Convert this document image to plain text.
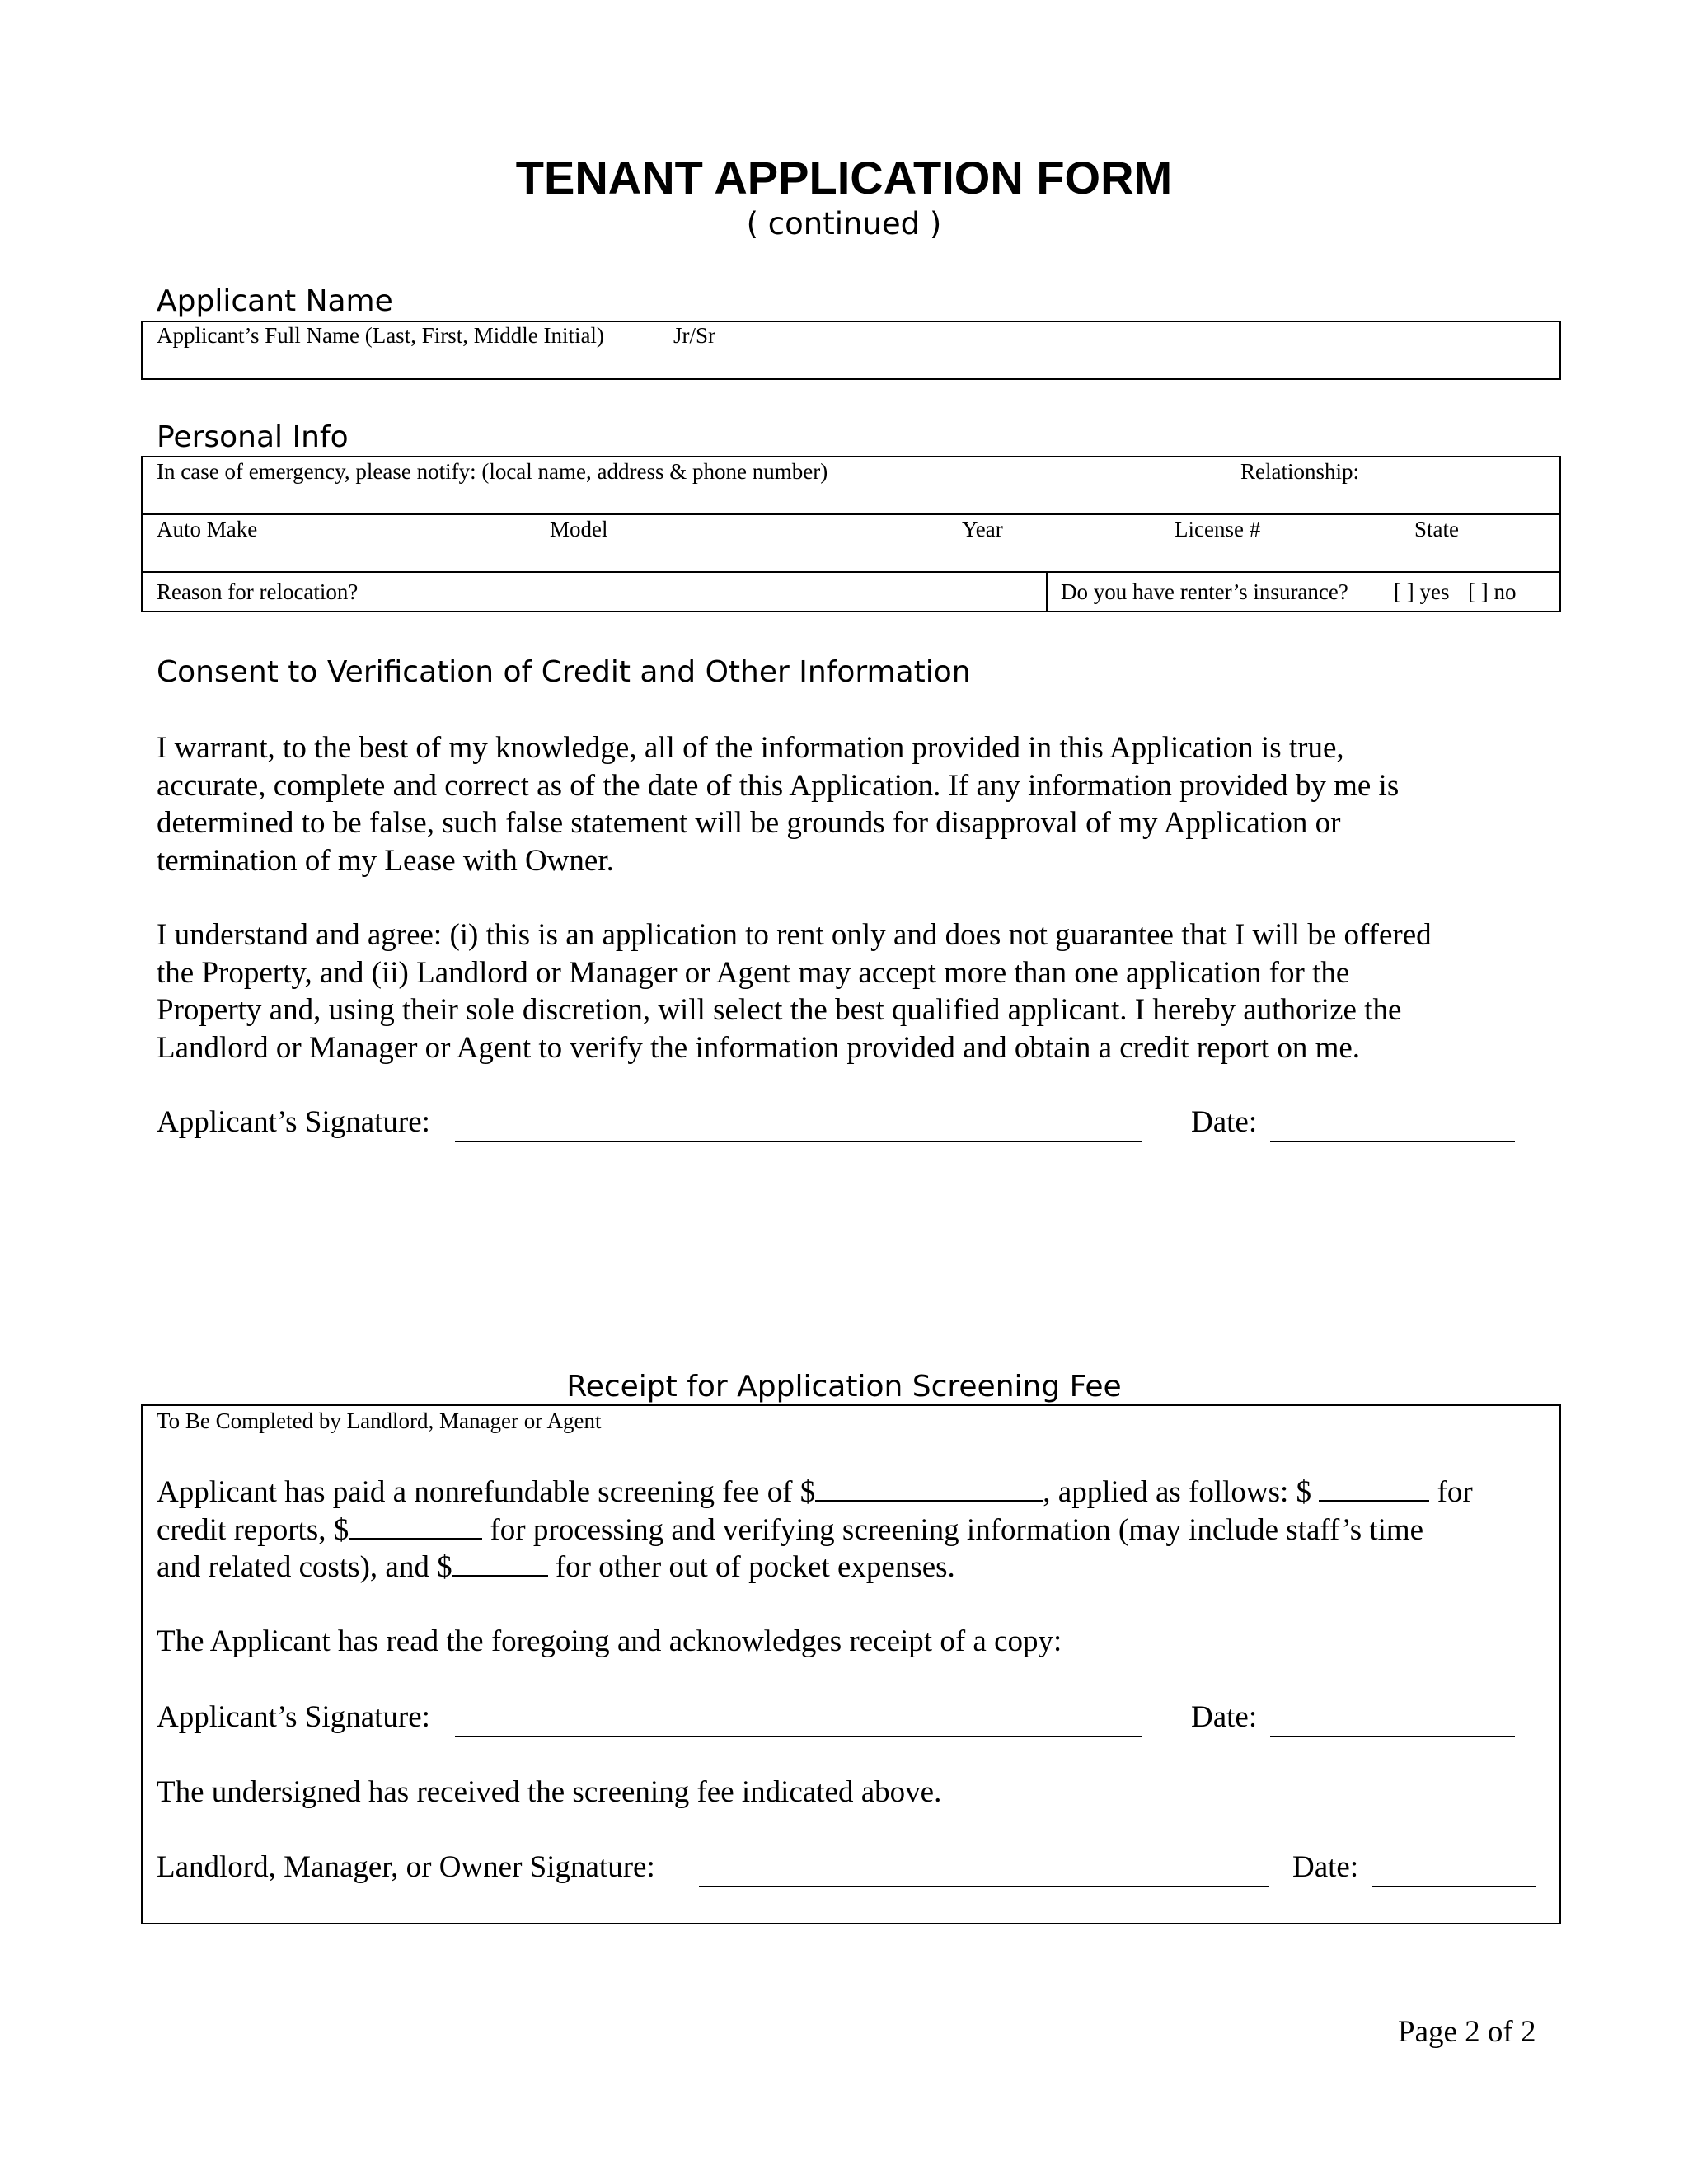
TENANT APPLICATION FORM
( continued )
Applicant Name
Applicant’s Full Name (Last, First, Middle Initial)	Jr/Sr
Personal Info
In case of emergency, please notify: (local name, address & phone number)	Relationship:
Auto Make	Model	Year	License #	State
Reason for relocation?	Do you have renter’s insurance? [ ] yes [ ] no
Consent to Verification of Credit and Other Information
I warrant, to the best of my knowledge, all of the information provided in this Application is true,
accurate, complete and correct as of the date of this Application. If any information provided by me is
determined to be false, such false statement will be grounds for disapproval of my Application or
termination of my Lease with Owner.
I understand and agree: (i) this is an application to rent only and does not guarantee that I will be offered
the Property, and (ii) Landlord or Manager or Agent may accept more than one application for the
Property and, using their sole discretion, will select the best qualified applicant. I hereby authorize the
Landlord or Manager or Agent to verify the information provided and obtain a credit report on me.
Applicant’s Signature:	Date:
Receipt for Application Screening Fee
To Be Completed by Landlord, Manager or Agent
Applicant has paid a nonrefundable screening fee of $	, applied as follows: $	for
credit reports, $	for processing and verifying screening information (may include staff’s time
and related costs), and $	for other out of pocket expenses.
The Applicant has read the foregoing and acknowledges receipt of a copy:
Applicant’s Signature:	Date:
The undersigned has received the screening fee indicated above.
Landlord, Manager, or Owner Signature:	Date:
Page 2 of 2
